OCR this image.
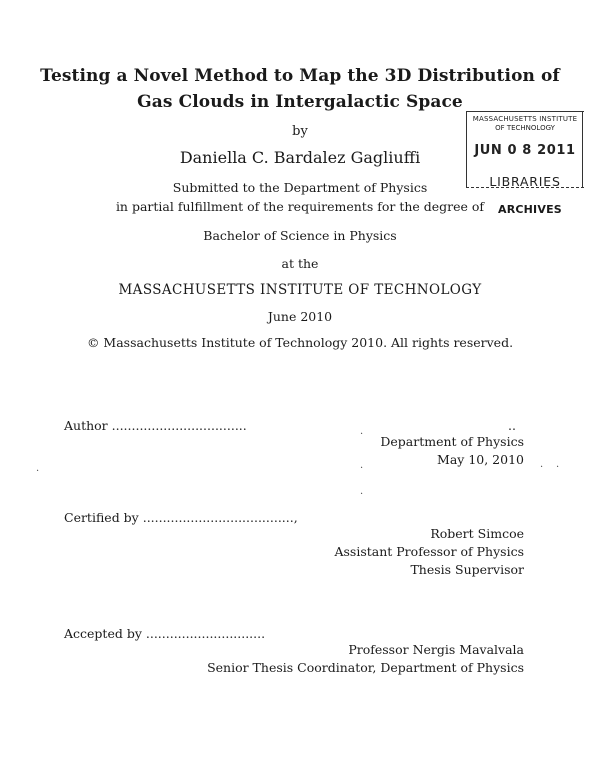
Testing a Novel Method to Map the 3D Distribution of
Gas Clouds in Intergalactic Space
by
Daniella C. Bardalez Gagliuffi
Submitted to the Department of Physics
in partial fulfillment of the requirements for the degree of
Bachelor of Science in Physics
at the
MASSACHUSETTS INSTITUTE OF TECHNOLOGY
June 2010
© Massachusetts Institute of Technology 2010. All rights reserved.
MASSACHUSETTS INSTITUTE
OF TECHNOLOGY
JUN 0 8 2011
LIBRARIES
ARCHIVES
Author ..................................	..
Department of Physics
May 10, 2010
·
·
·
·	· ·
Certified by ......................................,
Robert Simcoe
Assistant Professor of Physics
Thesis Supervisor
Accepted by ..............................
Professor Nergis Mavalvala
Senior Thesis Coordinator, Department of Physics
